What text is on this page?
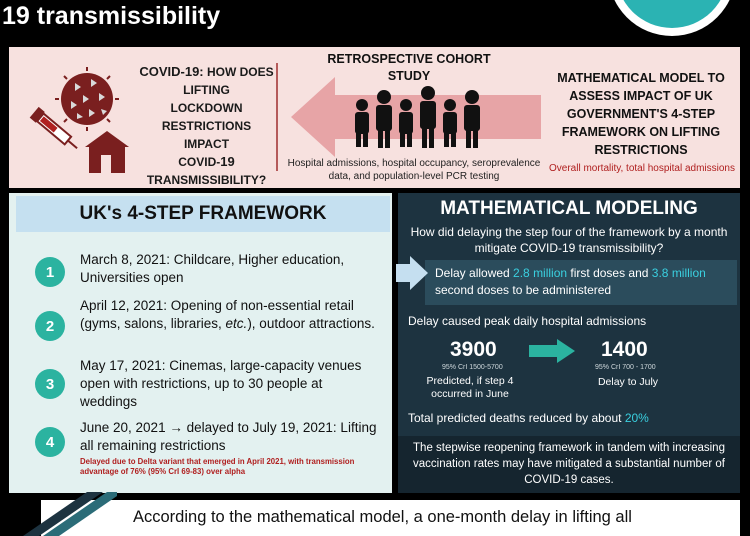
19 transmissibility
COVID-19: HOW DOES LIFTING
LOCKDOWN
RESTRICTIONS IMPACT
COVID-19
TRANSMISSIBILITY?
RETROSPECTIVE COHORT STUDY
Hospital admissions, hospital occupancy, seroprevalence data, and population-level PCR testing
MATHEMATICAL MODEL TO ASSESS IMPACT OF UK GOVERNMENT'S 4-STEP FRAMEWORK ON LIFTING RESTRICTIONS
Overall mortality, total hospital admissions
UK's 4-STEP FRAMEWORK
1
March 8, 2021: Childcare, Higher education, Universities open
2
April 12, 2021: Opening of non-essential retail (gyms, salons, libraries, etc.), outdoor attractions.
3
May 17, 2021: Cinemas, large-capacity venues open with restrictions, up to 30 people at weddings
4
June 20, 2021 → delayed to July 19, 2021: Lifting all remaining restrictions
Delayed due to Delta variant that emerged in April 2021, with transmission advantage of 76% (95% CrI 69-83) over alpha
MATHEMATICAL MODELING
How did delaying the step four of the framework by a month mitigate COVID-19 transmissibility?
Delay allowed 2.8 million first doses and 3.8 million second doses to be administered
Delay caused peak daily hospital admissions
3900
95% CrI 1500-5700
Predicted, if step 4 occurred in June
1400
95% CrI 700 - 1700
Delay to July
Total predicted deaths reduced by about 20%
The stepwise reopening framework in tandem with increasing vaccination rates may have mitigated a substantial number of COVID-19 cases.
According to the mathematical model, a one-month delay in lifting all
